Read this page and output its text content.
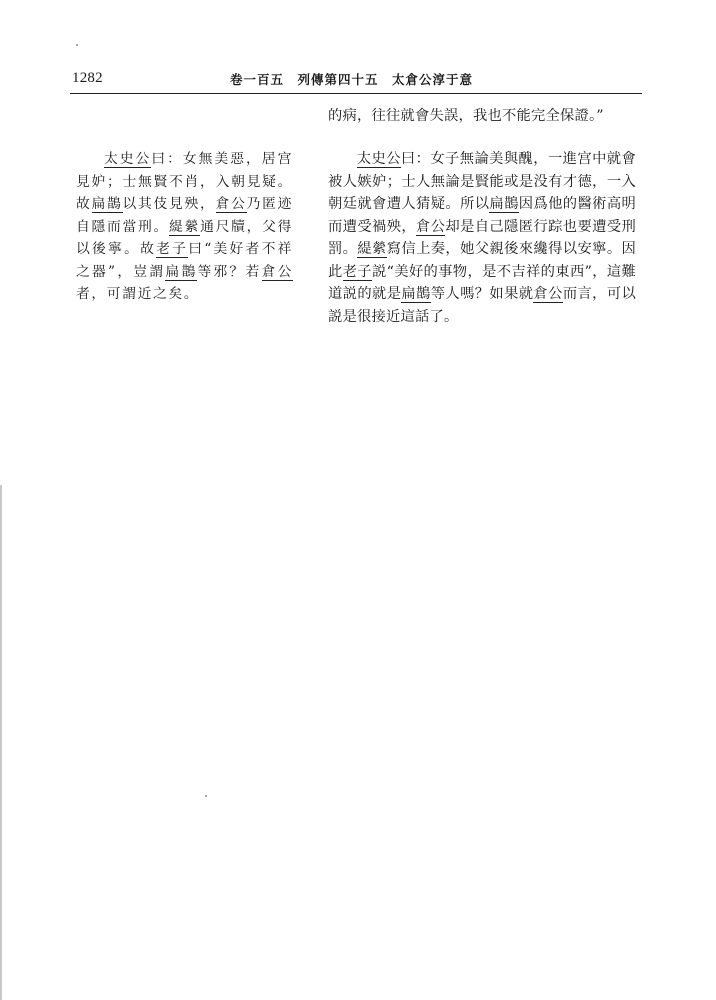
1282	卷一百五　列傳第四十五　太倉公淳于意
的病，往往就會失誤，我也不能完全保證。”
太史公曰：女無美惡，居宫見妒；士無賢不肖，入朝見疑。故扁鵲以其伎見殃，倉公乃匿迹自隱而當刑。緹縈通尺牘，父得以後寧。故老子曰“美好者不祥之器”，豈謂扁鵲等邪？若倉公者，可謂近之矣。
太史公曰：女子無論美與醜，一進宫中就會被人嫉妒；士人無論是賢能或是没有才德，一入朝廷就會遭人猜疑。所以扁鵲因爲他的醫術高明而遭受禍殃，倉公却是自己隱匿行踪也要遭受刑罰。緹縈寫信上奏，她父親後來纔得以安寧。因此老子説“美好的事物，是不吉祥的東西”，這難道説的就是扁鵲等人嗎？如果就倉公而言，可以説是很接近這話了。
